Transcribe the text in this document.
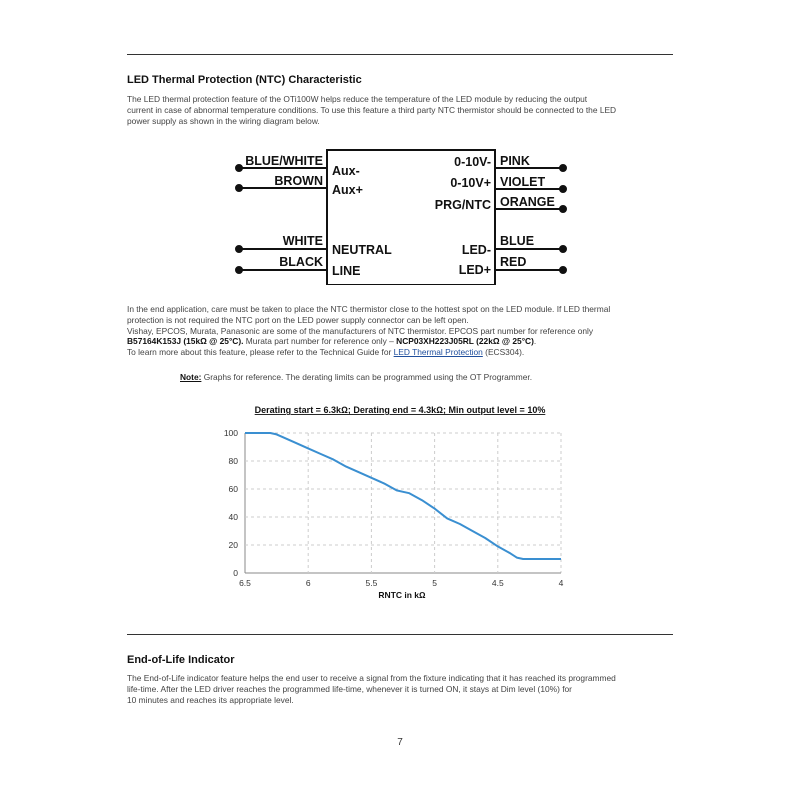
LED Thermal Protection (NTC) Characteristic
The LED thermal protection feature of the OTi100W helps reduce the temperature of the LED module by reducing the output
current in case of abnormal temperature conditions. To use this feature a third party NTC thermistor should be connected to the LED
power supply as shown in the wiring diagram below.
BLUE/WHITE
BROWN
WHITE
BLACK
Aux-
Aux+
NEUTRAL
LINE
0-10V-
0-10V+
PRG/NTC
LED-
LED+
PINK
VIOLET
ORANGE
BLUE
RED
In the end application, care must be taken to place the NTC thermistor close to the hottest spot on the LED module. If LED thermal
protection is not required the NTC port on the LED power supply connector can be left open.
Vishay, EPCOS, Murata, Panasonic are some of the manufacturers of NTC thermistor. EPCOS part number for reference only
B57164K153J (15kΩ @ 25°C). Murata part number for reference only – NCP03XH223J05RL (22kΩ @ 25°C).
To learn more about this feature, please refer to the Technical Guide for LED Thermal Protection (ECS304).
Note: Graphs for reference. The derating limits can be programmed using the OT Programmer.
Derating start = 6.3kΩ; Derating end = 4.3kΩ; Min output level = 10%
RNTC in kΩ
0
20
40
60
80
100
6.5	6	5.5	5	4.5	4
End-of-Life Indicator
The End-of-Life indicator feature helps the end user to receive a signal from the fixture indicating that it has reached its programmed
life-time. After the LED driver reaches the programmed life-time, whenever it is turned ON, it stays at Dim level (10%) for
10 minutes and reaches its appropriate level.
7
